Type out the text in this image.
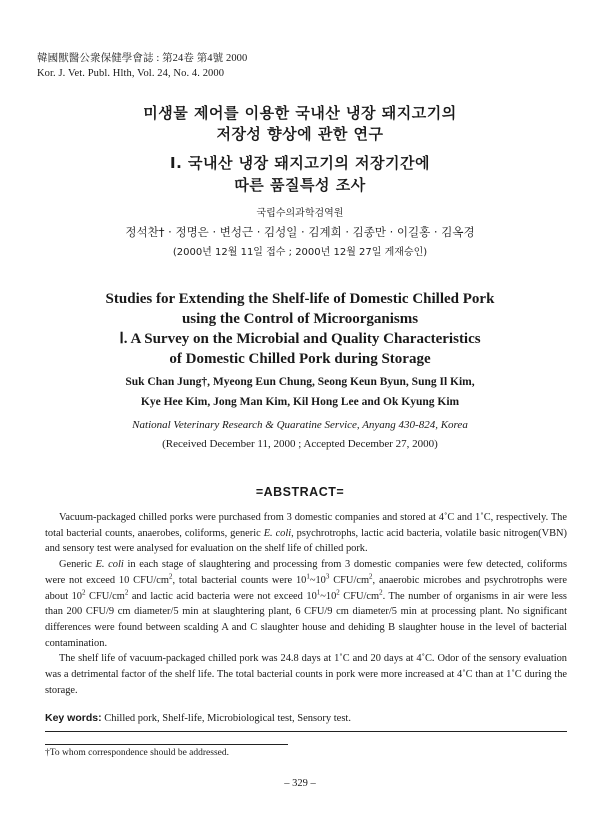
韓國獸醫公衆保健學會誌 : 第24卷 第4號 2000
Kor. J. Vet. Publ. Hlth, Vol. 24, No. 4. 2000
미생물 제어를 이용한 국내산 냉장 돼지고기의
저장성 향상에 관한 연구
Ⅰ. 국내산 냉장 돼지고기의 저장기간에
따른 품질특성 조사
국립수의과학검역원
정석찬† · 정명은 · 변성근 · 김성일 · 김계희 · 김종만 · 이길홍 · 김옥경
(2000년 12월 11일 접수 ; 2000년 12월 27일 게재승인)
Studies for Extending the Shelf-life of Domestic Chilled Pork
using the Control of Microorganisms
Ⅰ. A Survey on the Microbial and Quality Characteristics
of Domestic Chilled Pork during Storage
Suk Chan Jung†, Myeong Eun Chung, Seong Keun Byun, Sung Il Kim,
Kye Hee Kim, Jong Man Kim, Kil Hong Lee and Ok Kyung Kim
National Veterinary Research & Quaratine Service, Anyang 430-824, Korea
(Received December 11, 2000 ; Accepted December 27, 2000)
=ABSTRACT=

Vacuum-packaged chilled porks were purchased from 3 domestic companies and stored at 4˚C and 1˚C, respectively. The total bacterial counts, anaerobes, coliforms, generic E. coli, psychrotrophs, lactic acid bacteria, volatile basic nitrogen(VBN) and sensory test were analysed for evaluation on the shelf life of chilled pork.

Generic E. coli in each stage of slaughtering and processing from 3 domestic companies were few detected, coliforms were not exceed 10 CFU/$cm^2$, total bacterial counts were $10^1\sim 10^3$ CFU/$cm^2$, anaerobic microbes and psychrotrophs were about $10^2$ CFU/$cm^2$ and lactic acid bacteria were not exceed $10^1\sim 10^2$ CFU/$cm^2$. The number of organisms in air were less than 200 CFU/9 cm diameter/5 min at slaughtering plant, 6 CFU/9 cm diameter/5 min at processing plant. No significant differences were found between scalding A and C slaughter house and dehiding B slaughter house in the level of bacterial contamination.

The shelf life of vacuum-packaged chilled pork was 24.8 days at 1˚C and 20 days at 4˚C. Odor of the sensory evaluation was a detrimental factor of the shelf life. The total bacterial counts in pork were more increased at 4˚C than at 1˚C during the storage.

Key words: Chilled pork, Shelf-life, Microbiological test, Sensory test.
†To whom correspondence should be addressed.
– 329 –
